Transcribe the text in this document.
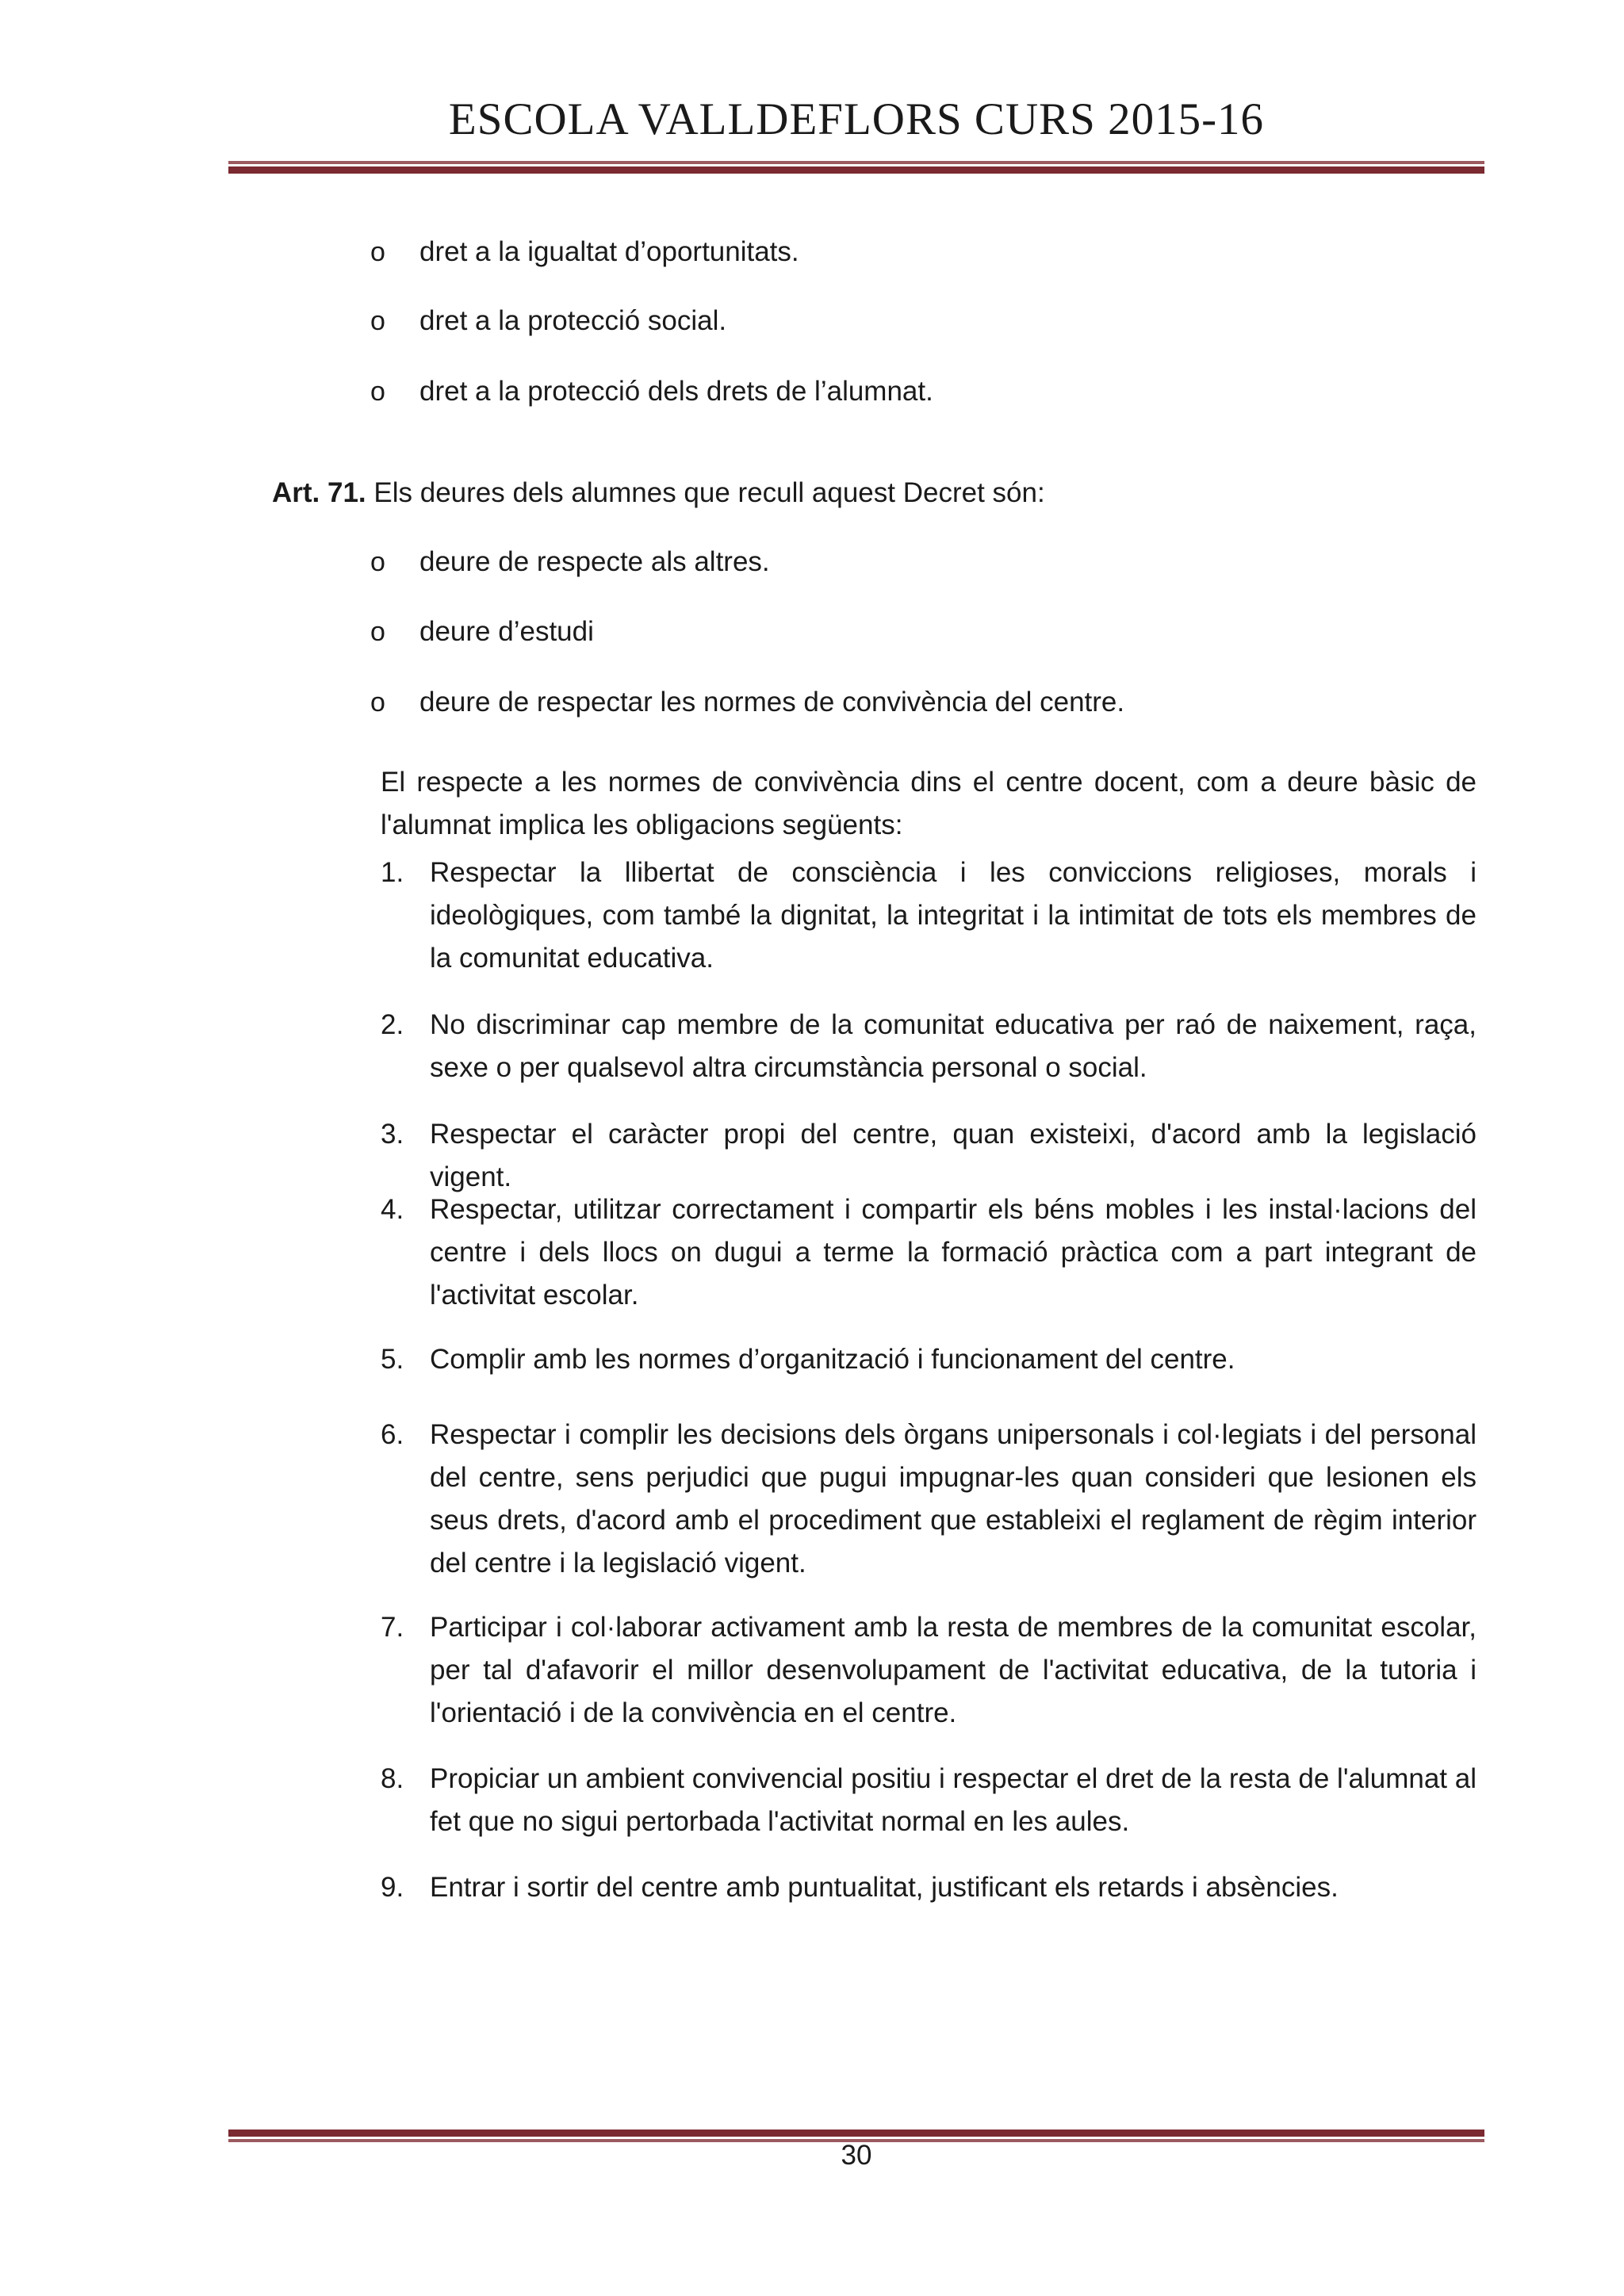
ESCOLA VALLDEFLORS CURS 2015-16
o	dret a la igualtat d’oportunitats.
o	dret a la protecció social.
o	dret a la protecció dels drets de l’alumnat.
Art. 71. Els deures dels alumnes que recull aquest Decret són:
o	deure de respecte als altres.
o	deure d’estudi
o	deure de respectar les normes de convivència del centre.

El respecte a les normes de convivència dins el centre docent, com a deure bàsic de l'alumnat implica les obligacions següents:

1. Respectar la llibertat de consciència i les conviccions religioses, morals i ideològiques, com també la dignitat, la integritat i la intimitat de tots els membres de la comunitat educativa.
2. No discriminar cap membre de la comunitat educativa per raó de naixement, raça, sexe o per qualsevol altra circumstància personal o social.
3. Respectar el caràcter propi del centre, quan existeixi, d'acord amb la legislació vigent.
4. Respectar, utilitzar correctament i compartir els béns mobles i les instal·lacions del centre i dels llocs on dugui a terme la formació pràctica com a part integrant de l'activitat escolar.
5. Complir amb les normes d’organització i funcionament del centre.
6. Respectar i complir les decisions dels òrgans unipersonals i col·legiats i del personal del centre, sens perjudici que pugui impugnar-les quan consideri que lesionen els seus drets, d'acord amb el procediment que estableixi el reglament de règim interior del centre i la legislació vigent.
7. Participar i col·laborar activament amb la resta de membres de la comunitat escolar, per tal d'afavorir el millor desenvolupament de l'activitat educativa, de la tutoria i l'orientació i de la convivència en el centre.
8. Propiciar un ambient convivencial positiu i respectar el dret de la resta de l'alumnat al fet que no sigui pertorbada l'activitat normal en les aules.
9. Entrar i sortir del centre amb puntualitat, justificant els retards i absències.
30
